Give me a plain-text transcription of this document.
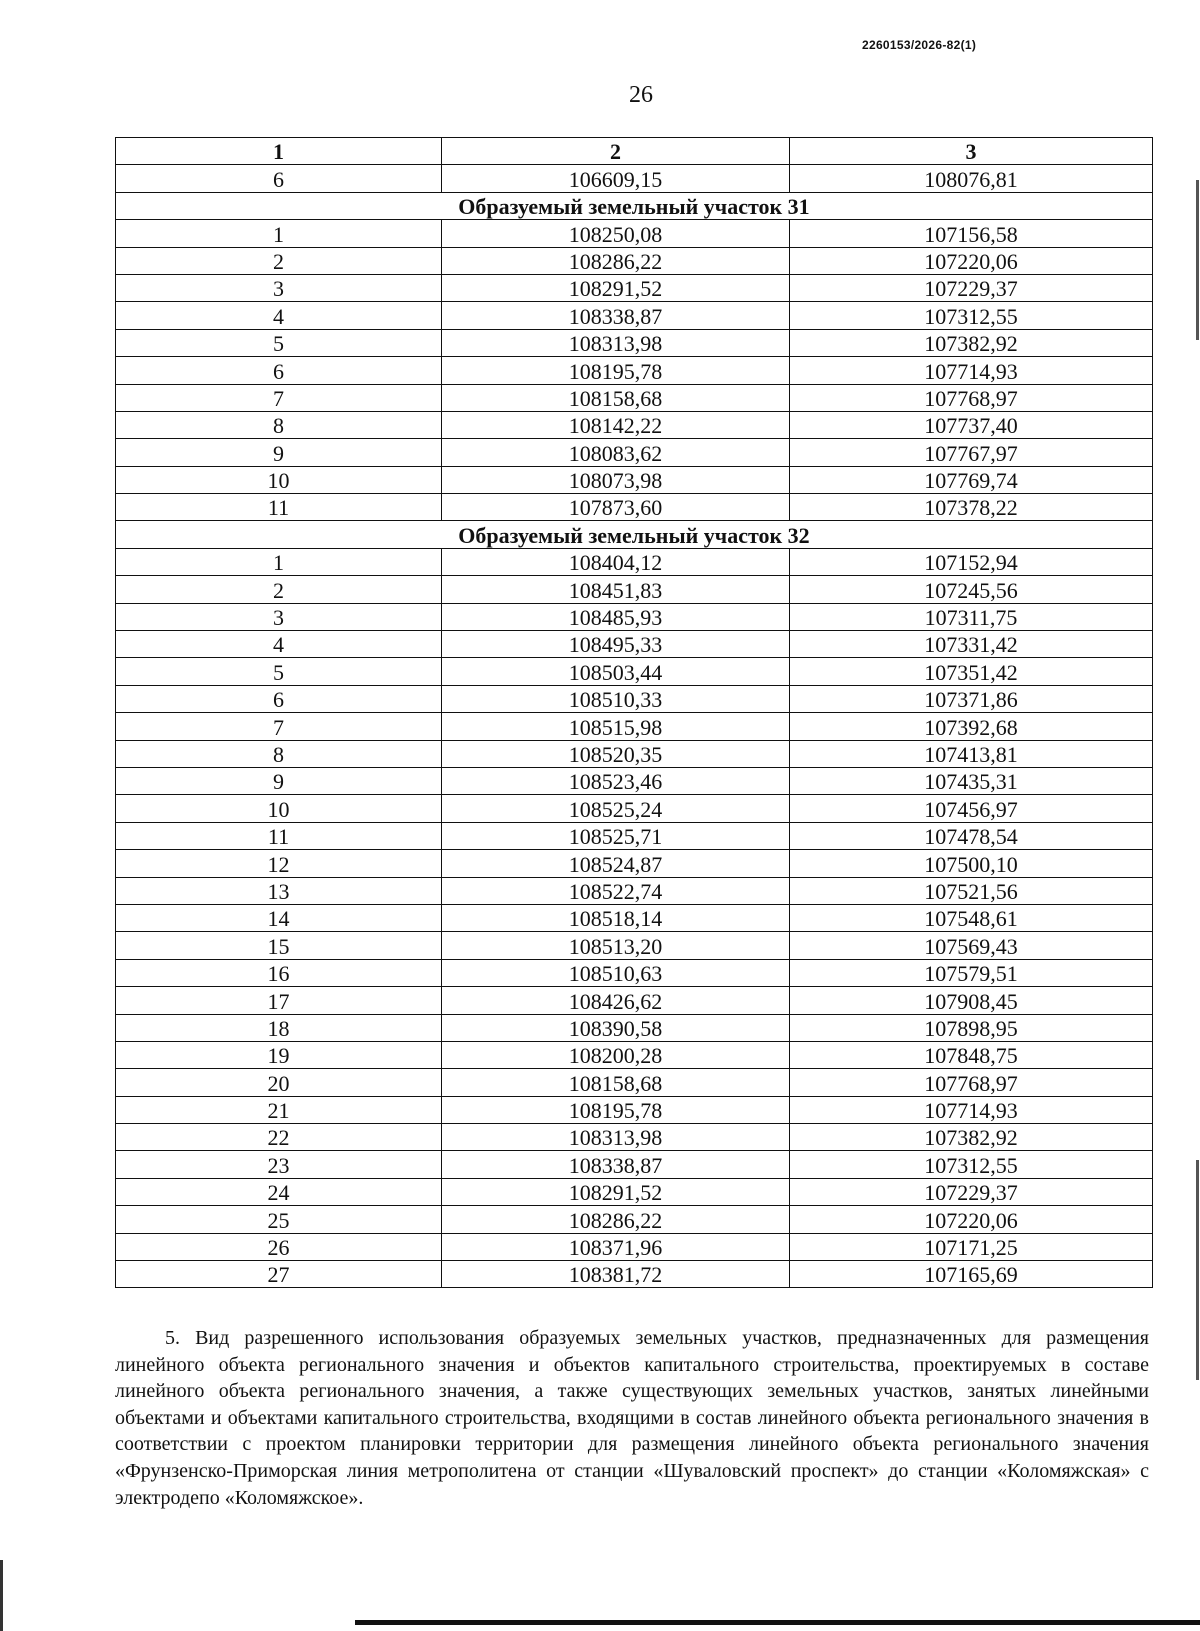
2260153/2026-82(1)
26
1	2	3
6	106609,15	108076,81
Образуемый земельный участок 31		
1	108250,08	107156,58
2	108286,22	107220,06
3	108291,52	107229,37
4	108338,87	107312,55
5	108313,98	107382,92
6	108195,78	107714,93
7	108158,68	107768,97
8	108142,22	107737,40
9	108083,62	107767,97
10	108073,98	107769,74
11	107873,60	107378,22
Образуемый земельный участок 32		
1	108404,12	107152,94
2	108451,83	107245,56
3	108485,93	107311,75
4	108495,33	107331,42
5	108503,44	107351,42
6	108510,33	107371,86
7	108515,98	107392,68
8	108520,35	107413,81
9	108523,46	107435,31
10	108525,24	107456,97
11	108525,71	107478,54
12	108524,87	107500,10
13	108522,74	107521,56
14	108518,14	107548,61
15	108513,20	107569,43
16	108510,63	107579,51
17	108426,62	107908,45
18	108390,58	107898,95
19	108200,28	107848,75
20	108158,68	107768,97
21	108195,78	107714,93
22	108313,98	107382,92
23	108338,87	107312,55
24	108291,52	107229,37
25	108286,22	107220,06
26	108371,96	107171,25
27	108381,72	107165,69
5. Вид разрешенного использования образуемых земельных участков, предназначенных для размещения линейного объекта регионального значения и объектов капитального строительства, проектируемых в составе линейного объекта регионального значения, а также существующих земельных участков, занятых линейными объектами и объектами капитального строительства, входящими в состав линейного объекта регионального значения в соответствии с проектом планировки территории для размещения линейного объекта регионального значения «Фрунзенско-Приморская линия метрополитена от станции «Шуваловский проспект» до станции «Коломяжская» с электродепо «Коломяжское».
